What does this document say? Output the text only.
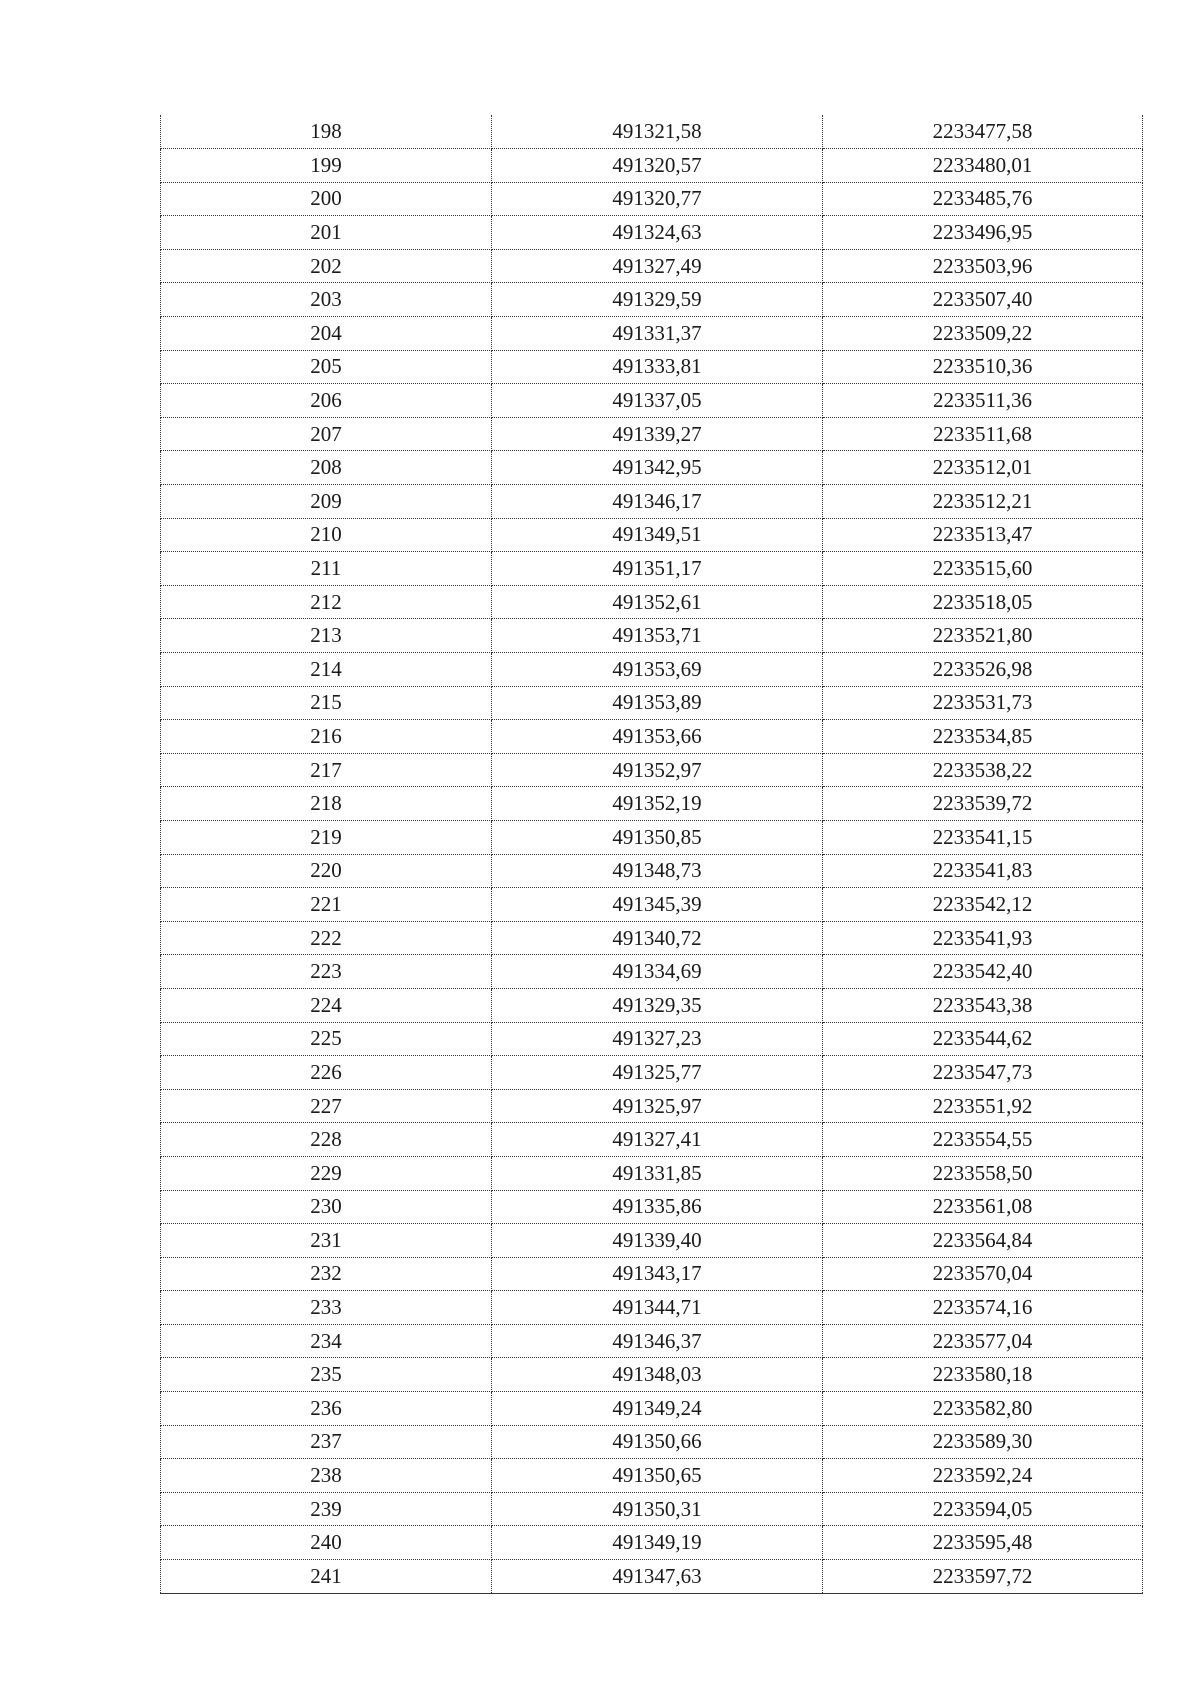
198	491321,58	2233477,58
199	491320,57	2233480,01
200	491320,77	2233485,76
201	491324,63	2233496,95
202	491327,49	2233503,96
203	491329,59	2233507,40
204	491331,37	2233509,22
205	491333,81	2233510,36
206	491337,05	2233511,36
207	491339,27	2233511,68
208	491342,95	2233512,01
209	491346,17	2233512,21
210	491349,51	2233513,47
211	491351,17	2233515,60
212	491352,61	2233518,05
213	491353,71	2233521,80
214	491353,69	2233526,98
215	491353,89	2233531,73
216	491353,66	2233534,85
217	491352,97	2233538,22
218	491352,19	2233539,72
219	491350,85	2233541,15
220	491348,73	2233541,83
221	491345,39	2233542,12
222	491340,72	2233541,93
223	491334,69	2233542,40
224	491329,35	2233543,38
225	491327,23	2233544,62
226	491325,77	2233547,73
227	491325,97	2233551,92
228	491327,41	2233554,55
229	491331,85	2233558,50
230	491335,86	2233561,08
231	491339,40	2233564,84
232	491343,17	2233570,04
233	491344,71	2233574,16
234	491346,37	2233577,04
235	491348,03	2233580,18
236	491349,24	2233582,80
237	491350,66	2233589,30
238	491350,65	2233592,24
239	491350,31	2233594,05
240	491349,19	2233595,48
241	491347,63	2233597,72
